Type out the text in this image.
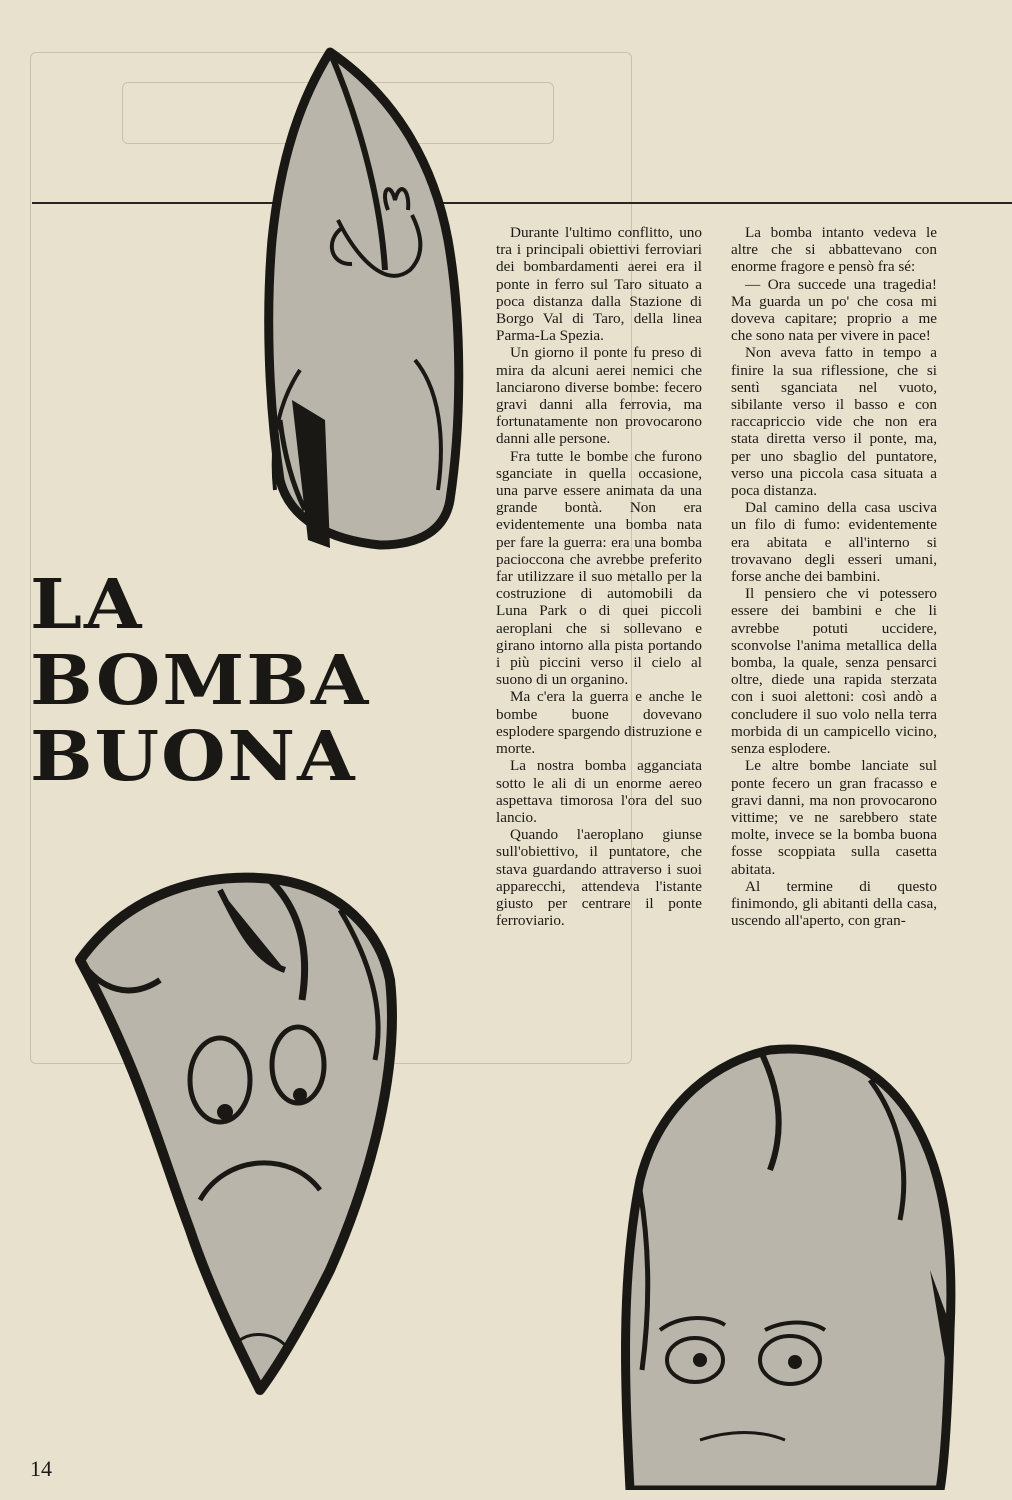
LA
BOMBA
BUONA

Durante l'ultimo conflitto, uno tra i principali obiettivi ferroviari dei bombardamenti aerei era il ponte in ferro sul Taro situato a poca distanza dalla Stazione di Borgo Val di Taro, della linea Parma-La Spezia.

Un giorno il ponte fu preso di mira da alcuni aerei nemici che lanciarono diverse bombe: fecero gravi danni alla ferrovia, ma fortunatamente non provocarono danni alle persone.

Fra tutte le bombe che furono sganciate in quella occasione, una parve essere animata da una grande bontà. Non era evidentemente una bomba nata per fare la guerra: era una bomba pacioccona che avrebbe preferito far utilizzare il suo metallo per la costruzione di automobili da Luna Park o di quei piccoli aeroplani che si sollevano e girano intorno alla pista portando i più piccini verso il cielo al suono di un organino.

Ma c'era la guerra e anche le bombe buone dovevano esplodere spargendo distruzione e morte.

La nostra bomba agganciata sotto le ali di un enorme aereo aspettava timorosa l'ora del suo lancio.

Quando l'aeroplano giunse sull'obiettivo, il puntatore, che stava guardando attraverso i suoi apparecchi, attendeva l'istante giusto per centrare il ponte ferroviario.

La bomba intanto vedeva le altre che si abbattevano con enorme fragore e pensò fra sé:

— Ora succede una tragedia! Ma guarda un po' che cosa mi doveva capitare; proprio a me che sono nata per vivere in pace!

Non aveva fatto in tempo a finire la sua riflessione, che si sentì sganciata nel vuoto, sibilante verso il basso e con raccapriccio vide che non era stata diretta verso il ponte, ma, per uno sbaglio del puntatore, verso una piccola casa situata a poca distanza.

Dal camino della casa usciva un filo di fumo: evidentemente era abitata e all'interno si trovavano degli esseri umani, forse anche dei bambini.

Il pensiero che vi potessero essere dei bambini e che li avrebbe potuti uccidere, sconvolse l'anima metallica della bomba, la quale, senza pensarci oltre, diede una rapida sterzata con i suoi alettoni: così andò a concludere il suo volo nella terra morbida di un campicello vicino, senza esplodere.

Le altre bombe lanciate sul ponte fecero un gran fracasso e gravi danni, ma non provocarono vittime; ve ne sarebbero state molte, invece se la bomba buona fosse scoppiata sulla casetta abitata.

Al termine di questo finimondo, gli abitanti della casa, uscendo all'aperto, con gran-

14
